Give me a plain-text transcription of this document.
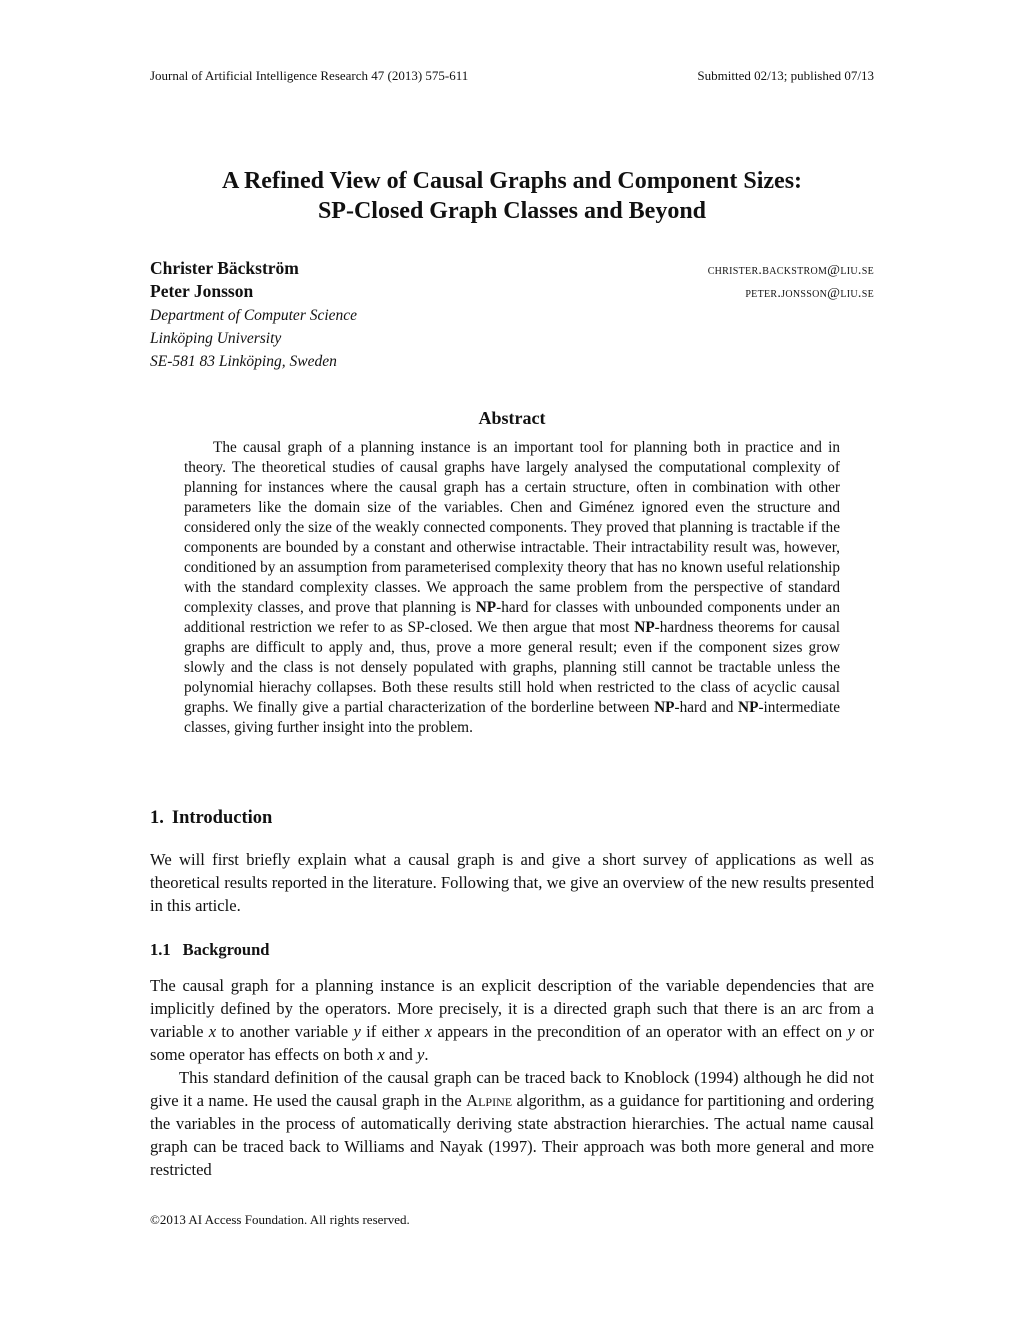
Journal of Artificial Intelligence Research 47 (2013) 575-611	Submitted 02/13; published 07/13
A Refined View of Causal Graphs and Component Sizes:
SP-Closed Graph Classes and Beyond
Christer Bäckström	christer.backstrom@liu.se
Peter Jonsson	peter.jonsson@liu.se
Department of Computer Science
Linköping University
SE-581 83 Linköping, Sweden
Abstract

The causal graph of a planning instance is an important tool for planning both in practice and in theory. The theoretical studies of causal graphs have largely analysed the computational complexity of planning for instances where the causal graph has a certain structure, often in combination with other parameters like the domain size of the variables. Chen and Giménez ignored even the structure and considered only the size of the weakly connected components. They proved that planning is tractable if the components are bounded by a constant and otherwise intractable. Their intractability result was, however, conditioned by an assumption from parameterised complexity theory that has no known useful relationship with the standard complexity classes. We approach the same problem from the perspective of standard complexity classes, and prove that planning is NP-hard for classes with unbounded components under an additional restriction we refer to as SP-closed. We then argue that most NP-hardness theorems for causal graphs are difficult to apply and, thus, prove a more general result; even if the component sizes grow slowly and the class is not densely populated with graphs, planning still cannot be tractable unless the polynomial hierachy collapses. Both these results still hold when restricted to the class of acyclic causal graphs. We finally give a partial characterization of the borderline between NP-hard and NP-intermediate classes, giving further insight into the problem.

1. Introduction

We will first briefly explain what a causal graph is and give a short survey of applications as well as theoretical results reported in the literature. Following that, we give an overview of the new results presented in this article.

1.1 Background

The causal graph for a planning instance is an explicit description of the variable dependencies that are implicitly defined by the operators. More precisely, it is a directed graph such that there is an arc from a variable x to another variable y if either x appears in the precondition of an operator with an effect on y or some operator has effects on both x and y.

This standard definition of the causal graph can be traced back to Knoblock (1994) although he did not give it a name. He used the causal graph in the Alpine algorithm, as a guidance for partitioning and ordering the variables in the process of automatically deriving state abstraction hierarchies. The actual name causal graph can be traced back to Williams and Nayak (1997). Their approach was both more general and more restricted

©2013 AI Access Foundation. All rights reserved.
